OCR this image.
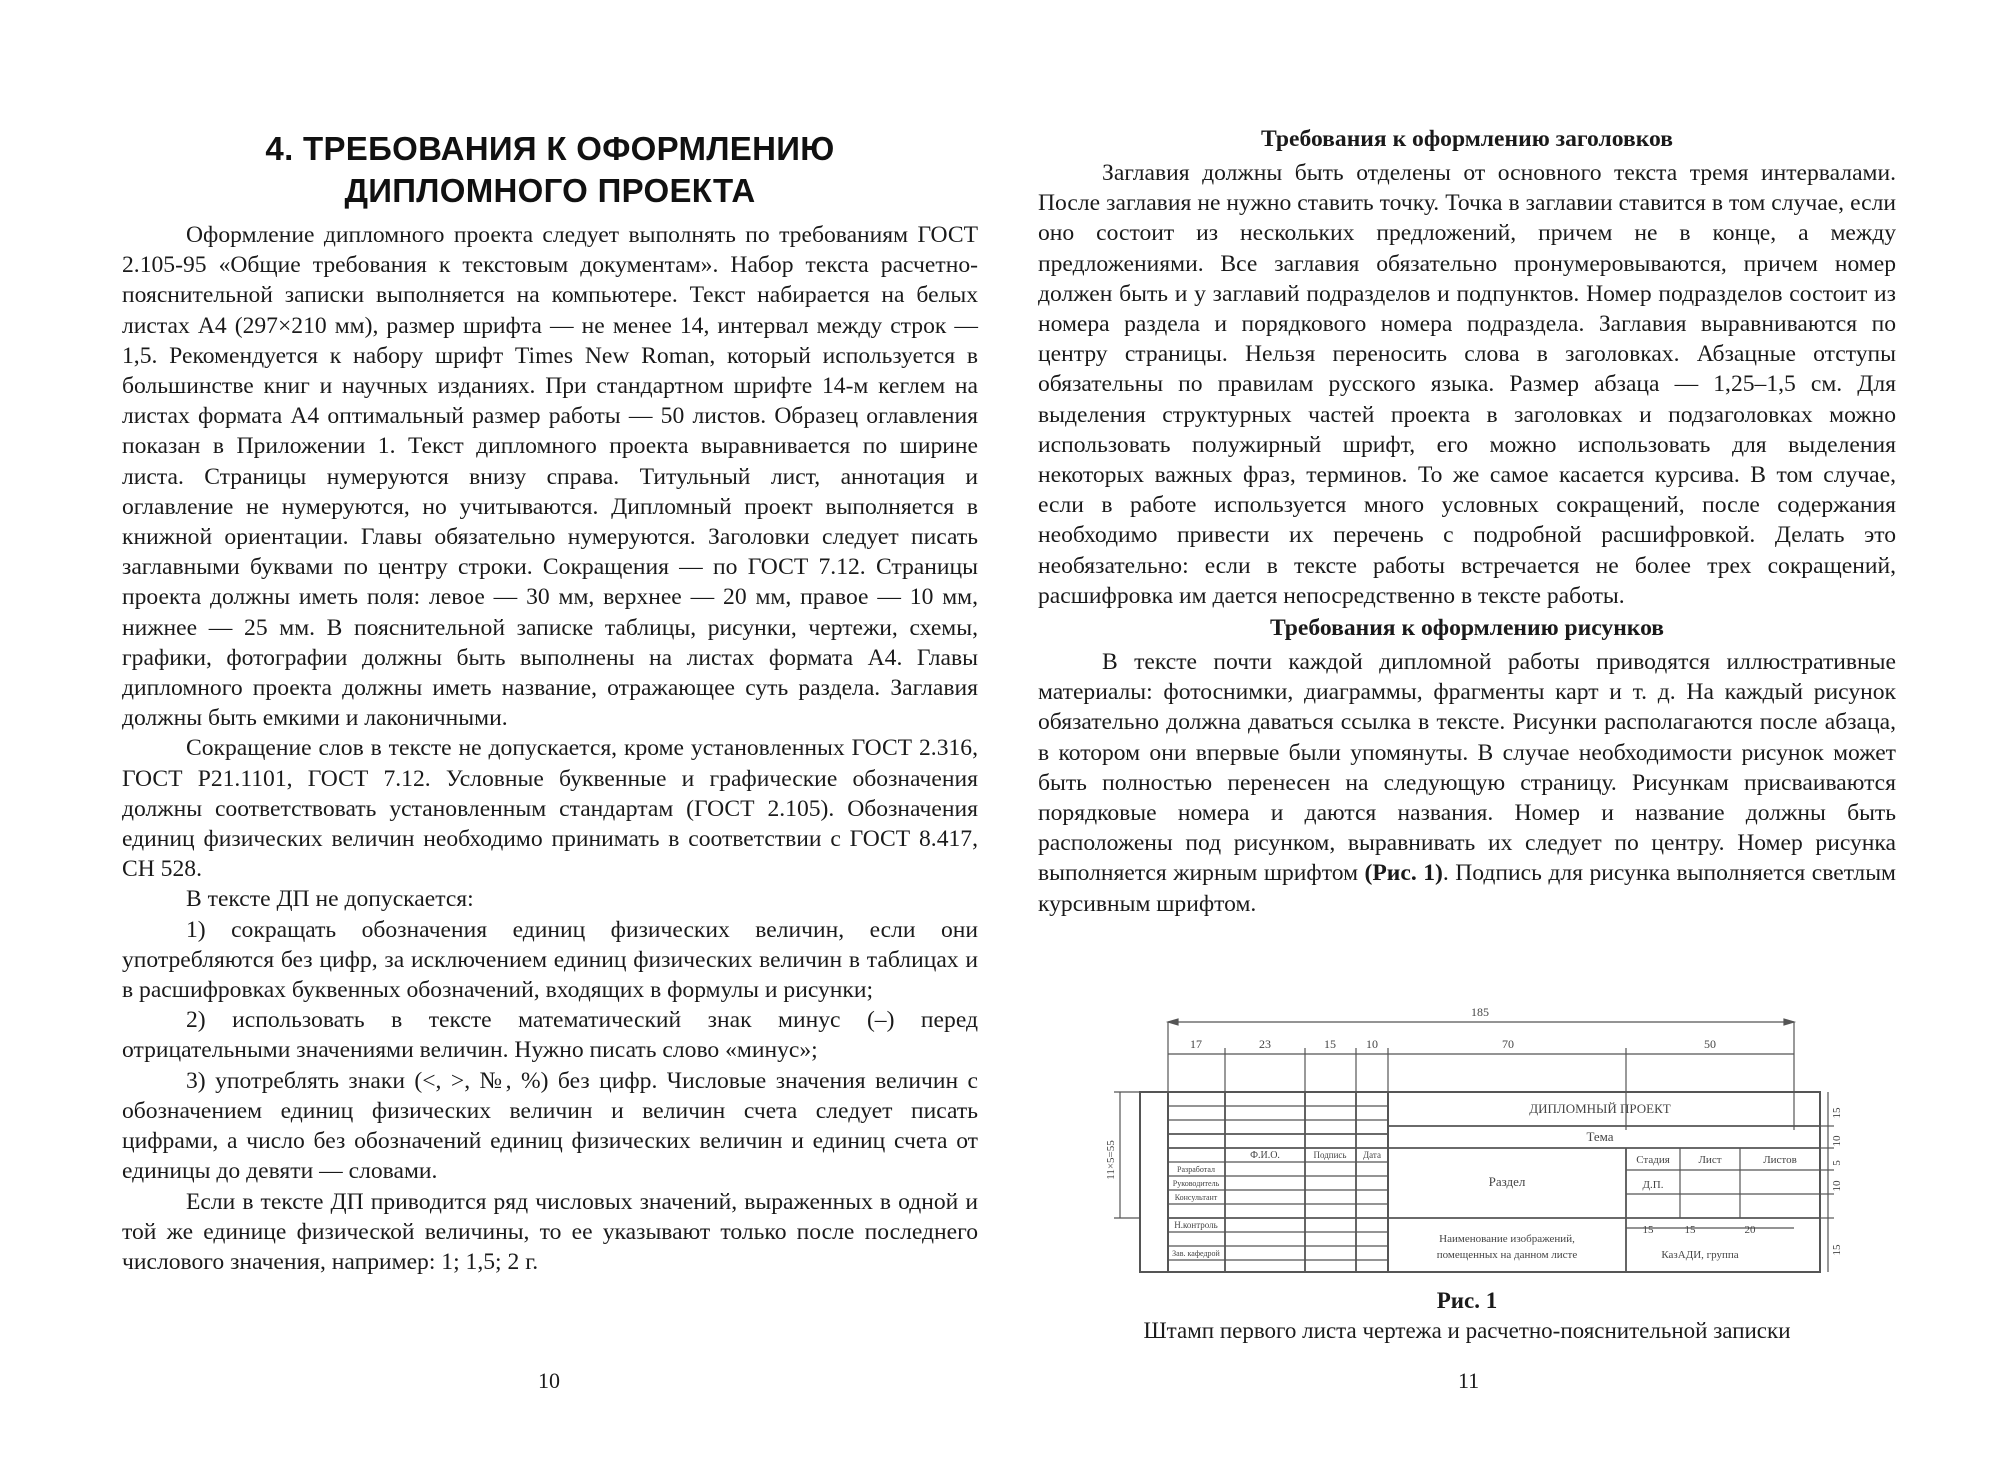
4. ТРЕБОВАНИЯ К ОФОРМЛЕНИЮ
ДИПЛОМНОГО ПРОЕКТА

Оформление дипломного проекта следует выполнять по требованиям ГОСТ 2.105-95 «Общие требования к текстовым документам». Набор текста расчетно-пояснительной записки выполняется на компьютере. Текст набирается на белых листах А4 (297×210 мм), размер шрифта — не менее 14, интервал между строк — 1,5. Рекомендуется к набору шрифт Times New Roman, который используется в большинстве книг и научных изданиях. При стандартном шрифте 14-м кеглем на листах формата А4 оптимальный размер работы — 50 листов. Образец оглавления показан в Приложении 1. Текст дипломного проекта выравнивается по ширине листа. Страницы нумеруются внизу справа. Титульный лист, аннотация и оглавление не нумеруются, но учитываются. Дипломный проект выполняется в книжной ориентации. Главы обязательно нумеруются. Заголовки следует писать заглавными буквами по центру строки. Сокращения — по ГОСТ 7.12. Страницы проекта должны иметь поля: левое — 30 мм, верхнее — 20 мм, правое — 10 мм, нижнее — 25 мм. В пояснительной записке таблицы, рисунки, чертежи, схемы, графики, фотографии должны быть выполнены на листах формата А4. Главы дипломного проекта должны иметь название, отражающее суть раздела. Заглавия должны быть емкими и лаконичными.

Сокращение слов в тексте не допускается, кроме установленных ГОСТ 2.316, ГОСТ Р21.1101, ГОСТ 7.12. Условные буквенные и графические обозначения должны соответствовать установленным стандартам (ГОСТ 2.105). Обозначения единиц физических величин необходимо принимать в соответствии с ГОСТ 8.417, СН 528.

В тексте ДП не допускается:

1) сокращать обозначения единиц физических величин, если они употребляются без цифр, за исключением единиц физических величин в таблицах и в расшифровках буквенных обозначений, входящих в формулы и рисунки;

2) использовать в тексте математический знак минус (–) перед отрицательными значениями величин. Нужно писать слово «минус»;

3) употреблять знаки (<, >, №, %) без цифр. Числовые значения величин с обозначением единиц физических величин и величин счета следует писать цифрами, а число без обозначений единиц физических величин и единиц счета от единицы до девяти — словами.

Если в тексте ДП приводится ряд числовых значений, выраженных в одной и той же единице физической величины, то ее указывают только после последнего числового значения, например: 1; 1,5; 2 г.

10	11
Требования к оформлению заголовков

Заглавия должны быть отделены от основного текста тремя интервалами. После заглавия не нужно ставить точку. Точка в заглавии ставится в том случае, если оно состоит из нескольких предложений, причем не в конце, а между предложениями. Все заглавия обязательно пронумеровываются, причем номер должен быть и у заглавий подразделов и подпунктов. Номер подразделов состоит из номера раздела и порядкового номера подраздела. Заглавия выравниваются по центру страницы. Нельзя переносить слова в заголовках. Абзацные отступы обязательны по правилам русского языка. Размер абзаца — 1,25–1,5 см. Для выделения структурных частей проекта в заголовках и подзаголовках можно использовать полужирный шрифт, его можно использовать для выделения некоторых важных фраз, терминов. То же самое касается курсива. В том случае, если в работе используется много условных сокращений, после содержания необходимо привести их перечень с подробной расшифровкой. Делать это необязательно: если в тексте работы встречается не более трех сокращений, расшифровка им дается непосредственно в тексте работы.

Требования к оформлению рисунков

В тексте почти каждой дипломной работы приводятся иллюстративные материалы: фотоснимки, диаграммы, фрагменты карт и т. д. На каждый рисунок обязательно должна даваться ссылка в тексте. Рисунки располагаются после абзаца, в котором они впервые были упомянуты. В случае необходимости рисунок может быть полностью перенесен на следующую страницу. Рисункам присваиваются порядковые номера и даются названия. Номер и название должны быть расположены под рисунком, выравнивать их следует по центру. Номер рисунка выполняется жирным шрифтом (Рис. 1). Подпись для рисунка выполняется светлым курсивным шрифтом.

185
17	23	15	10	70	50
11×5=55
15
10
5
10
15
ДИПЛОМНЫЙ ПРОЕКТ
Тема
Ф.И.О.	Подпись Дата
Разработал
Руководитель
Консультант
Н.контроль
Зав. кафедрой
Раздел
Стадия	Лист	Листов
Д.П.
Наименование изображений,
помещенных на данном листе
15	15	20
КазАДИ, группа
Рис. 1
Штамп первого листа чертежа и расчетно-пояснительной записки
